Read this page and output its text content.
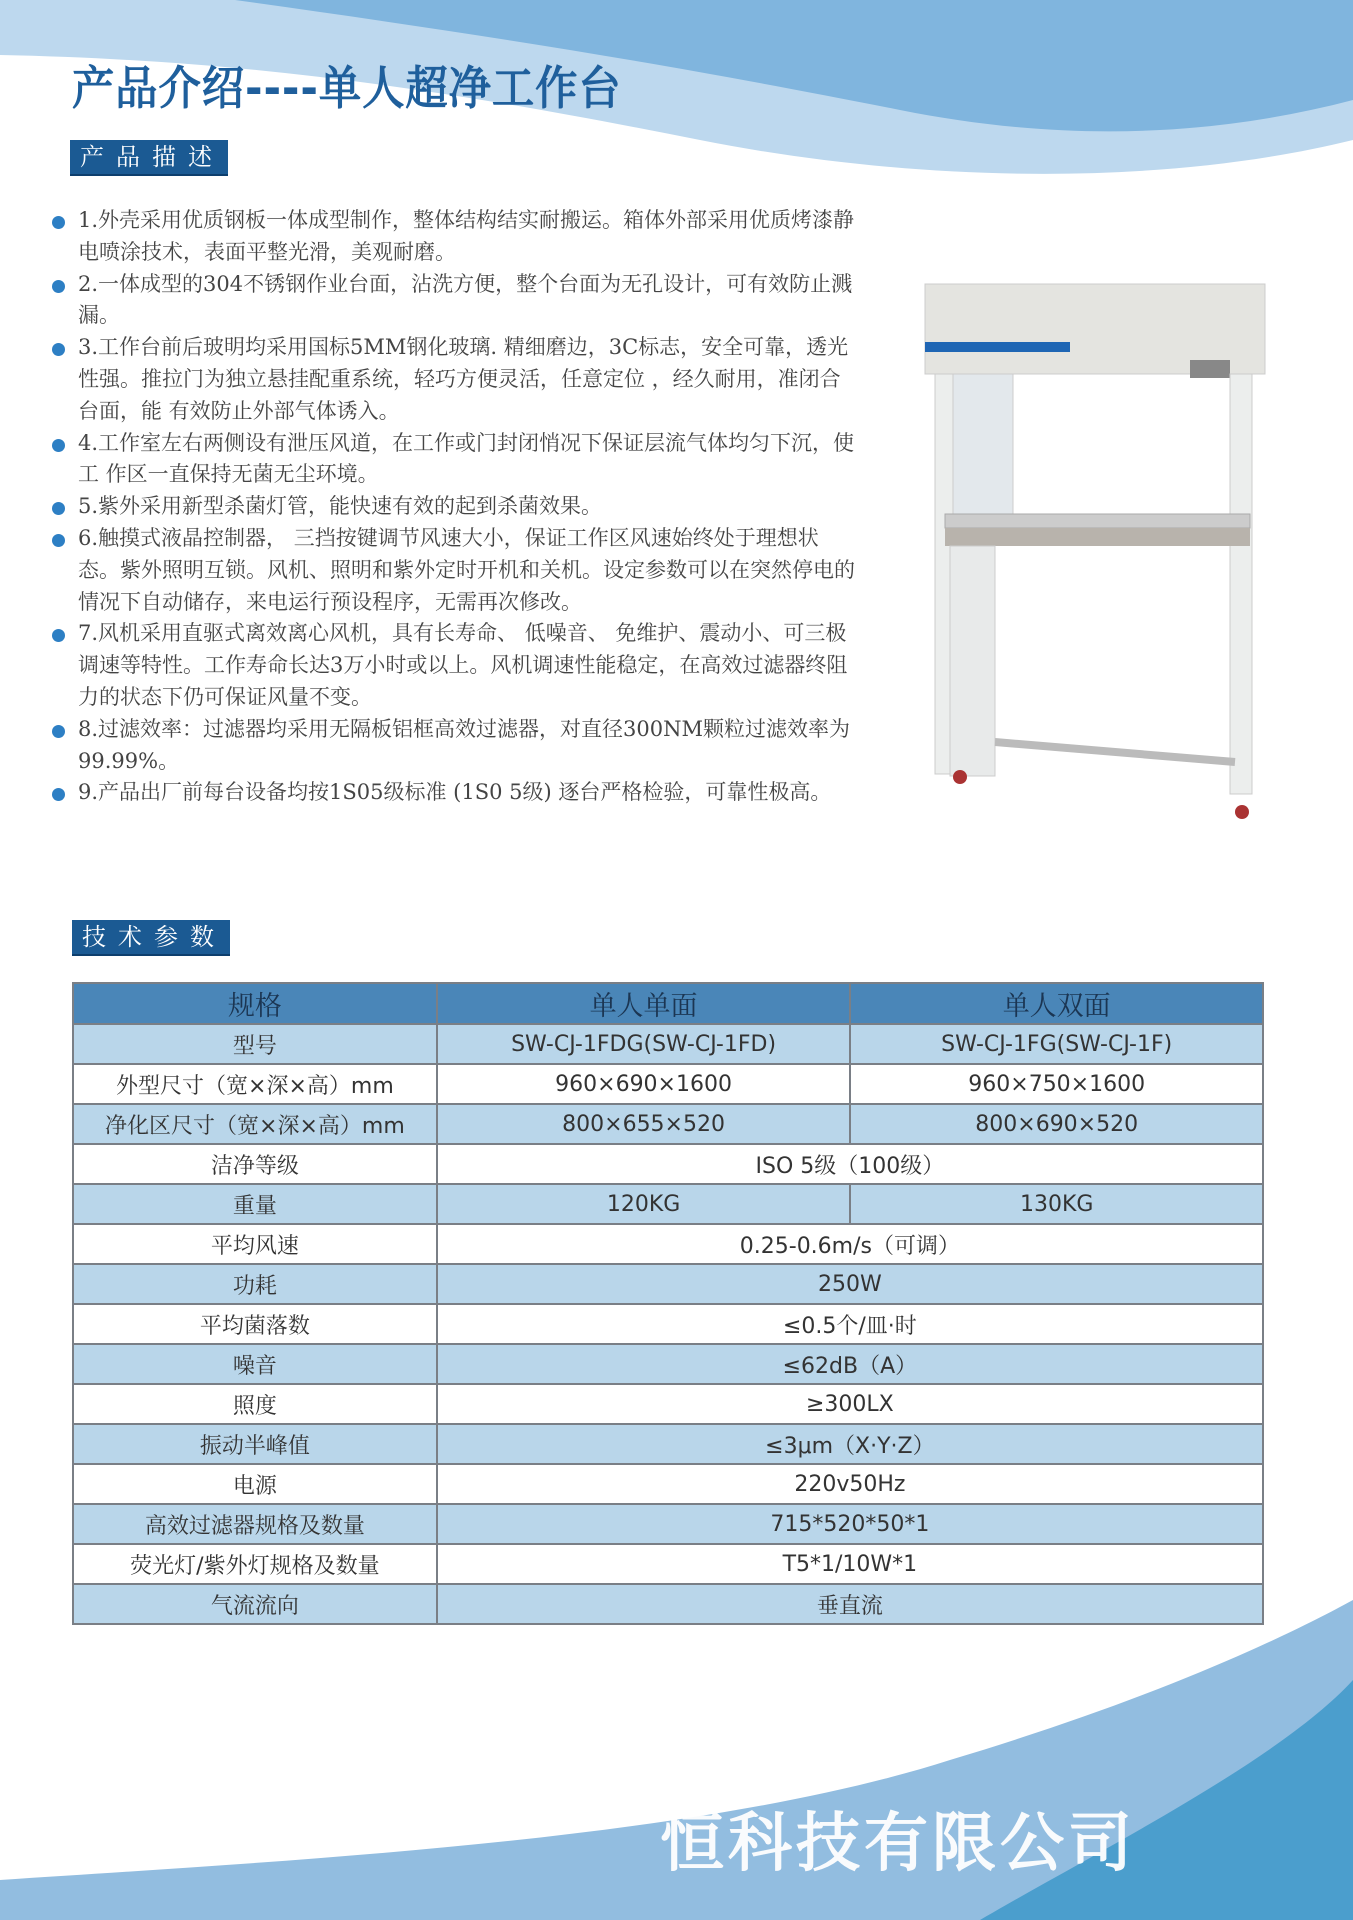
产品介绍----单人超净工作台
产品描述
1.外壳采用优质钢板一体成型制作，整体结构结实耐搬运。箱体外部采用优质烤漆静电喷涂技术，表面平整光滑，美观耐磨。
2.一体成型的304不锈钢作业台面，沾洗方便，整个台面为无孔设计，可有效防止溅漏。
3.工作台前后玻明均采用国标5MM钢化玻璃. 精细磨边，3C标志，安全可靠，透光性强。推拉门为独立悬挂配重系统，轻巧方便灵活，任意定位 ，经久耐用，准闭合台面，能 有效防止外部气体诱入。
4.工作室左右两侧设有泄压风道，在工作或门封闭悄况下保证层流气体均匀下沉，使工 作区一直保持无菌无尘环境。
5.紫外采用新型杀菌灯管，能快速有效的起到杀菌效果。
6.触摸式液晶控制器， 三挡按键调节风速大小，保证工作区风速始终处于理想状态。紫外照明互锁。风机、照明和紫外定时开机和关机。设定参数可以在突然停电的情况下自动储存，来电运行预设程序，无需再次修改。
7.风机采用直驱式离效离心风机，具有长寿命、 低噪音、 免维护、震动小、可三极调速等特性。工作寿命长达3万小时或以上。风机调速性能稳定，在高效过滤器终阻力的状态下仍可保证风量不变。
8.过滤效率：过滤器均采用无隔板铝框高效过滤器，对直径300NM颗粒过滤效率为99.99%。
9.产品出厂前每台设备均按1S05级标准 (1S0 5级) 逐台严格检验，可靠性极高。
技术参数
规格	单人单面	单人双面
型号	SW-CJ-1FDG(SW-CJ-1FD)	SW-CJ-1FG(SW-CJ-1F)
外型尺寸（宽×深×高）mm	960×690×1600	960×750×1600
净化区尺寸（宽×深×高）mm	800×655×520	800×690×520
洁净等级	ISO 5级（100级）	
重量	120KG	130KG
平均风速	0.25-0.6m/s（可调）	
功耗	250W	
平均菌落数	≤0.5个/皿·时	
噪音	≤62dB（A）	
照度	≥300LX	
振动半峰值	≤3μm（X·Y·Z）	
电源	220v50Hz	
高效过滤器规格及数量	715*520*50*1	
荧光灯/紫外灯规格及数量	T5*1/10W*1	
气流流向	垂直流	
恒科技有限公司
